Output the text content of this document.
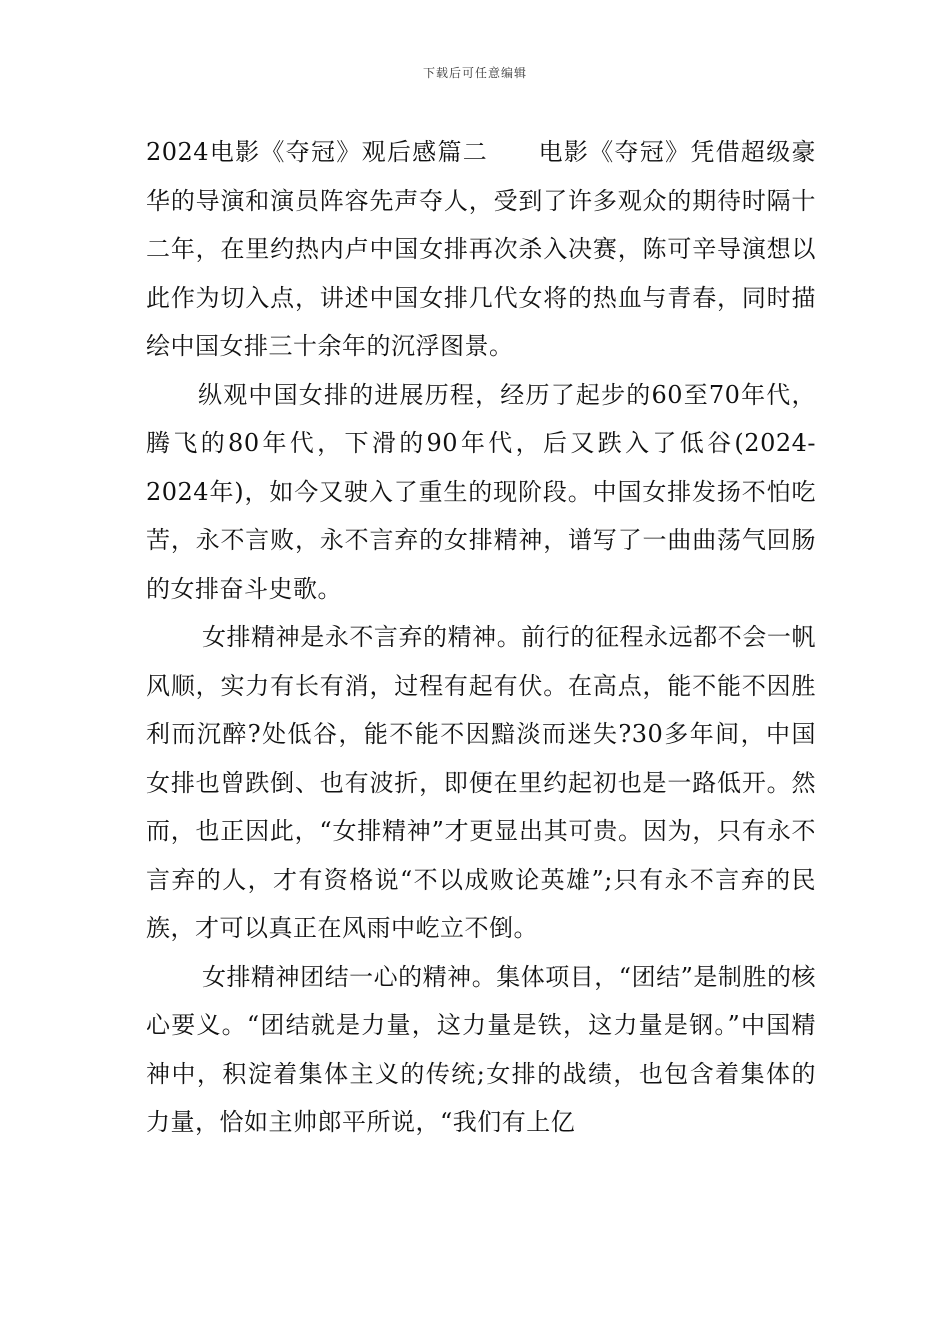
下载后可任意编辑

2024电影《夺冠》观后感篇二　　电影《夺冠》凭借超级豪华的导演和演员阵容先声夺人，受到了许多观众的期待时隔十二年，在里约热内卢中国女排再次杀入决赛，陈可辛导演想以此作为切入点，讲述中国女排几代女将的热血与青春，同时描绘中国女排三十余年的沉浮图景。

纵观中国女排的进展历程，经历了起步的60至70年代，腾飞的80年代，下滑的90年代，后又跌入了低谷(2024-2024年)，如今又驶入了重生的现阶段。中国女排发扬不怕吃苦，永不言败，永不言弃的女排精神，谱写了一曲曲荡气回肠的女排奋斗史歌。

女排精神是永不言弃的精神。前行的征程永远都不会一帆风顺，实力有长有消，过程有起有伏。在高点，能不能不因胜利而沉醉?处低谷，能不能不因黯淡而迷失?30多年间，中国女排也曾跌倒、也有波折，即便在里约起初也是一路低开。然而，也正因此，“女排精神”才更显出其可贵。因为，只有永不言弃的人，才有资格说“不以成败论英雄”;只有永不言弃的民族，才可以真正在风雨中屹立不倒。

女排精神团结一心的精神。集体项目，“团结”是制胜的核心要义。“团结就是力量，这力量是铁，这力量是钢。”中国精神中，积淀着集体主义的传统;女排的战绩，也包含着集体的力量，恰如主帅郎平所说，“我们有上亿
